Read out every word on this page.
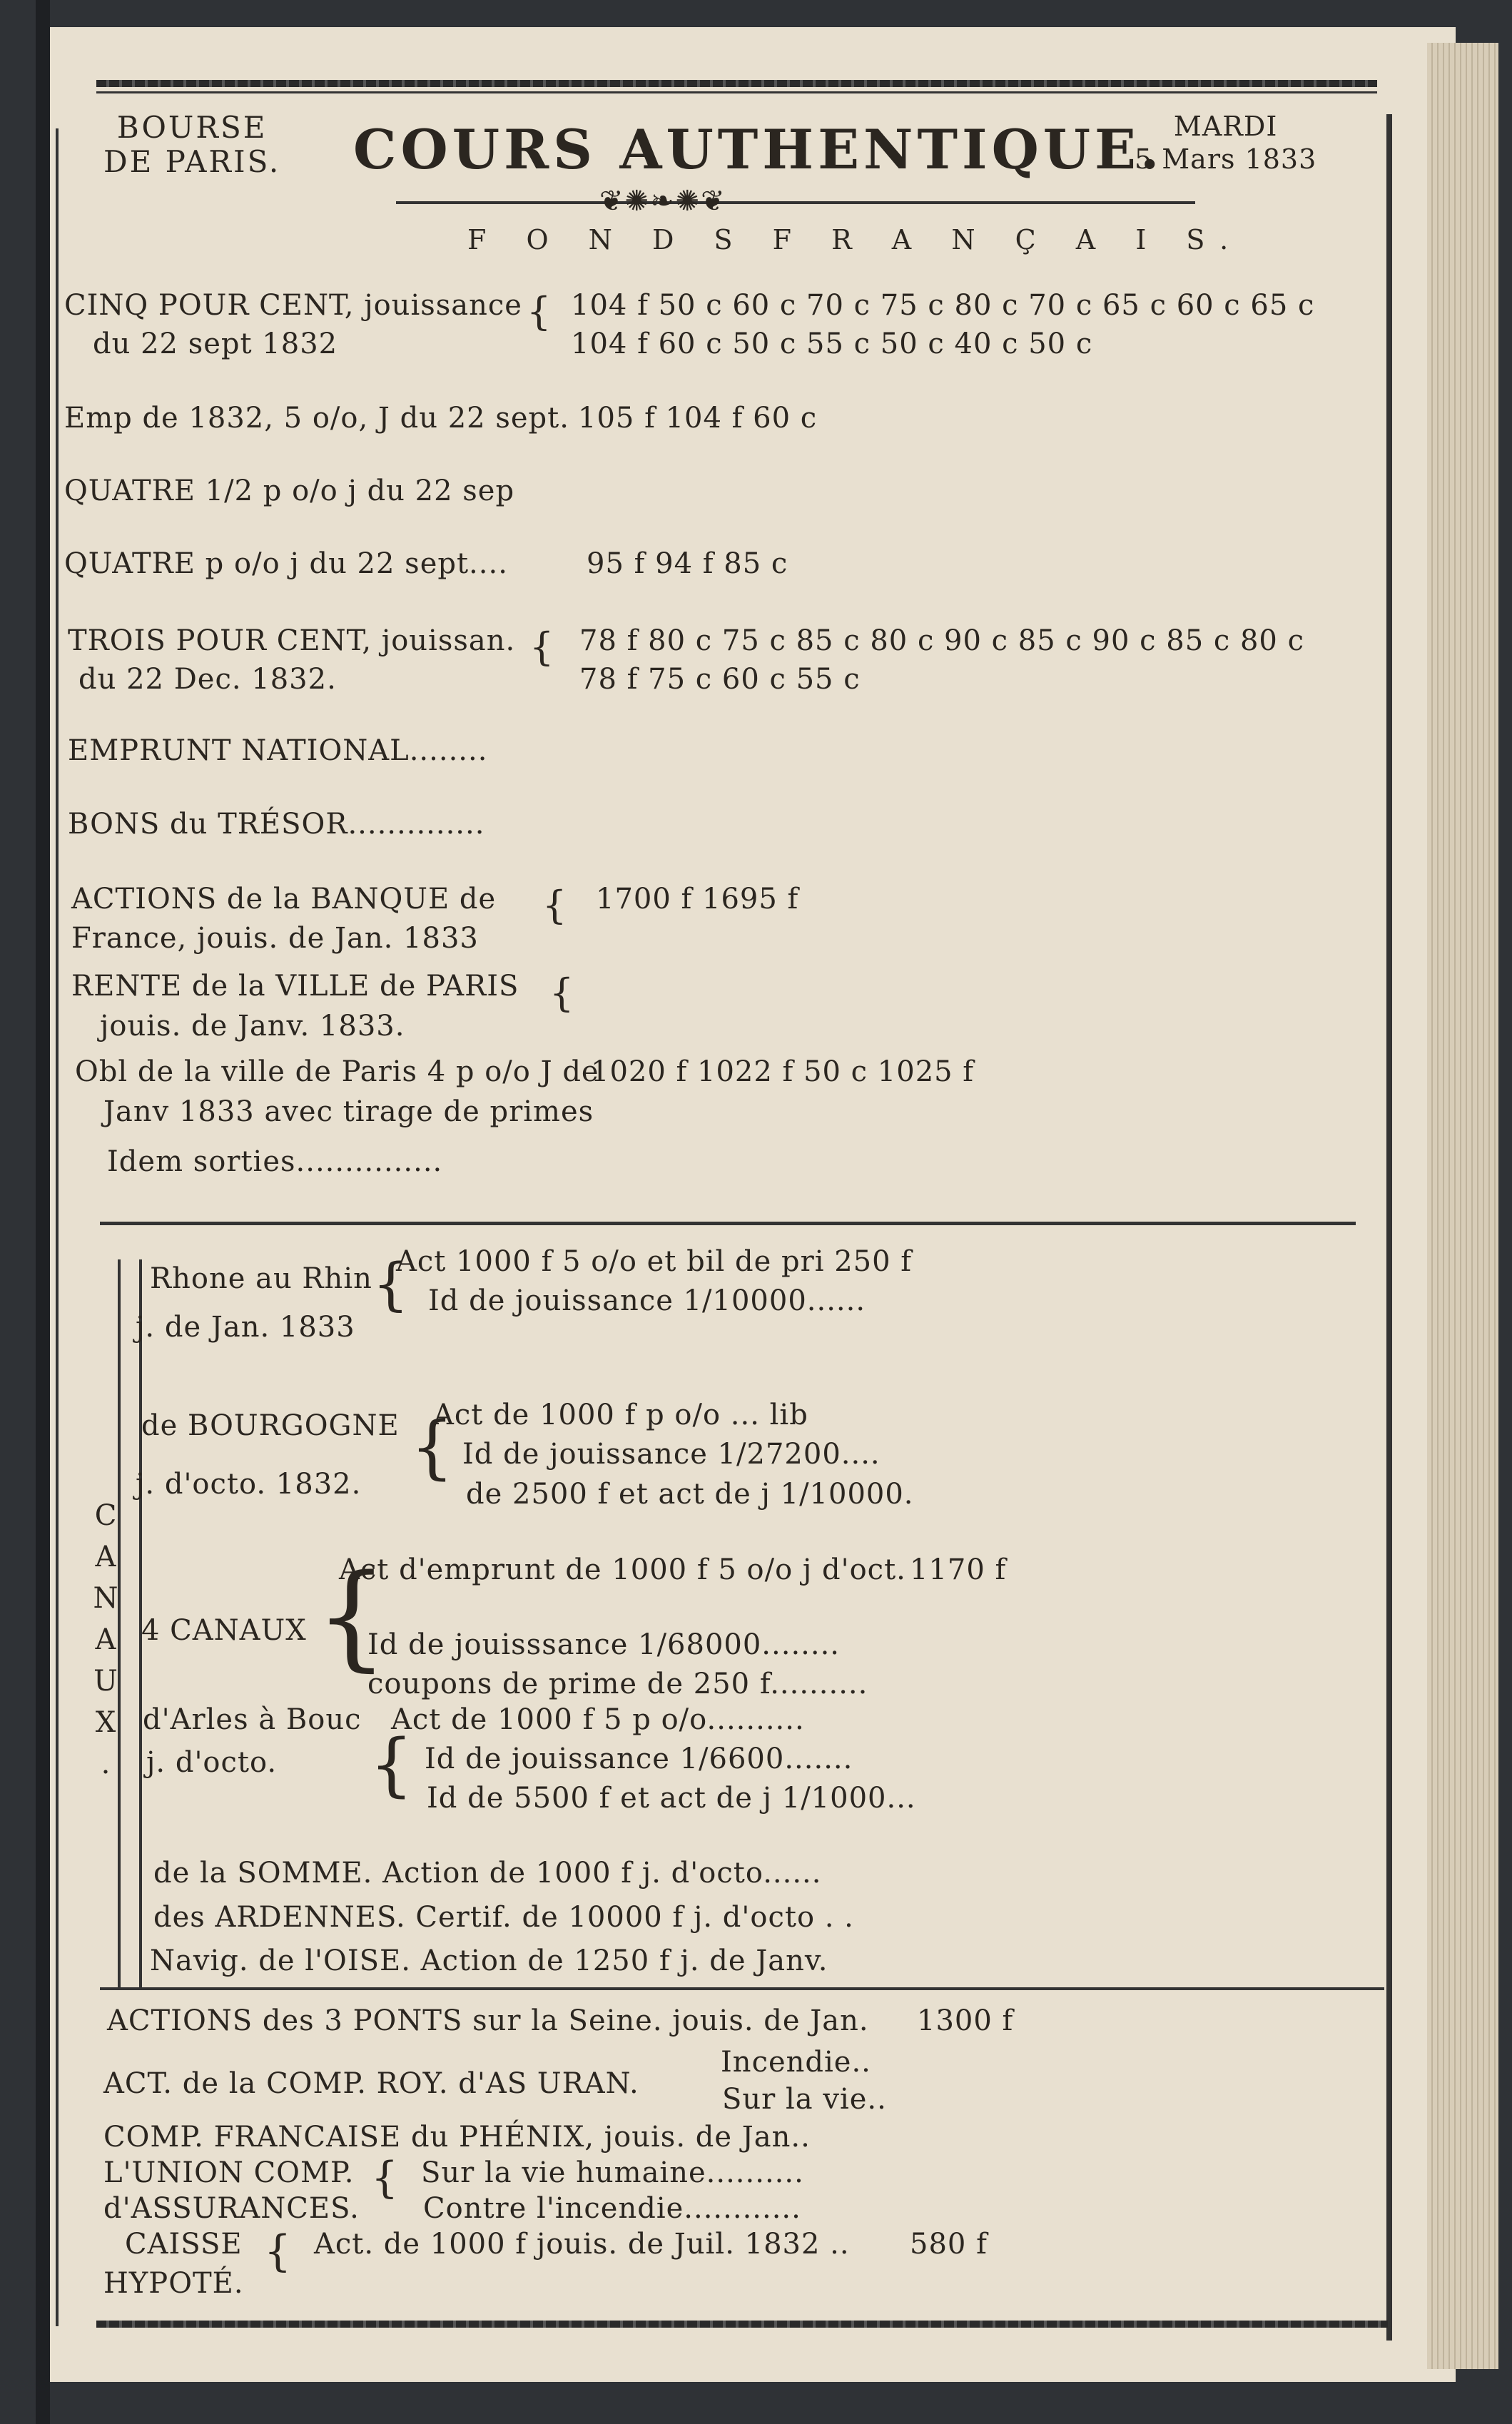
BOURSE
DE PARIS. COURS AUTHENTIQUE. MARDI
5 Mars 1833
❦✺❧✺❦
F O N D S F R A N Ç A I S.
CINQ POUR CENT, jouissance
du 22 sept 1832
{ 104 f 50 c 60 c 70 c 75 c 80 c 70 c 65 c 60 c 65 c
104 f 60 c 50 c 55 c 50 c 40 c 50 c
Emp de 1832, 5 o/o, J du 22 sept. 105 f 104 f 60 c
QUATRE 1/2 p o/o j du 22 sep
QUATRE p o/o j du 22 sept....	95 f 94 f 85 c
TROIS POUR CENT, jouissan.
du 22 Dec. 1832.
{ 78 f 80 c 75 c 85 c 80 c 90 c 85 c 90 c 85 c 80 c
78 f 75 c 60 c 55 c
EMPRUNT NATIONAL........
BONS du TRÉSOR..............
ACTIONS de la BANQUE de
France, jouis. de Jan. 1833
{ 1700 f 1695 f
RENTE de la VILLE de PARIS
jouis. de Janv. 1833.
{
Obl de la ville de Paris 4 p o/o J de
Janv 1833 avec tirage de primes
1020 f 1022 f 50 c 1025 f
Idem sorties...............
C
A
N
A
U
X
.
Rhone au Rhin
j. de Jan. 1833
{
Act 1000 f 5 o/o et bil de pri 250 f
Id de jouissance 1/10000......
de BOURGOGNE
j. d'octo. 1832. {
Act de 1000 f p o/o ... lib
Id de jouissance 1/27200....
de 2500 f et act de j 1/10000.
4 CANAUX {
Act d'emprunt de 1000 f 5 o/o j d'oct. 1170 f
Id de jouisssance 1/68000........
coupons de prime de 250 f..........
d'Arles à Bouc
j. d'octo. {
Act de 1000 f 5 p o/o..........
Id de jouissance 1/6600.......
Id de 5500 f et act de j 1/1000...
de la SOMME. Action de 1000 f j. d'octo......
des ARDENNES. Certif. de 10000 f j. d'octo . .
Navig. de l'OISE. Action de 1250 f j. de Janv.
ACTIONS des 3 PONTS sur la Seine. jouis. de Jan. 1300 f
ACT. de la COMP. ROY. d'AS URAN.
Incendie..
Sur la vie..
COMP. FRANCAISE du PHÉNIX, jouis. de Jan..
L'UNION COMP.
d'ASSURANCES.
{ Sur la vie humaine..........
Contre l'incendie............
CAISSE
HYPOTÉ.
{ Act. de 1000 f jouis. de Juil. 1832 .. 580 f
